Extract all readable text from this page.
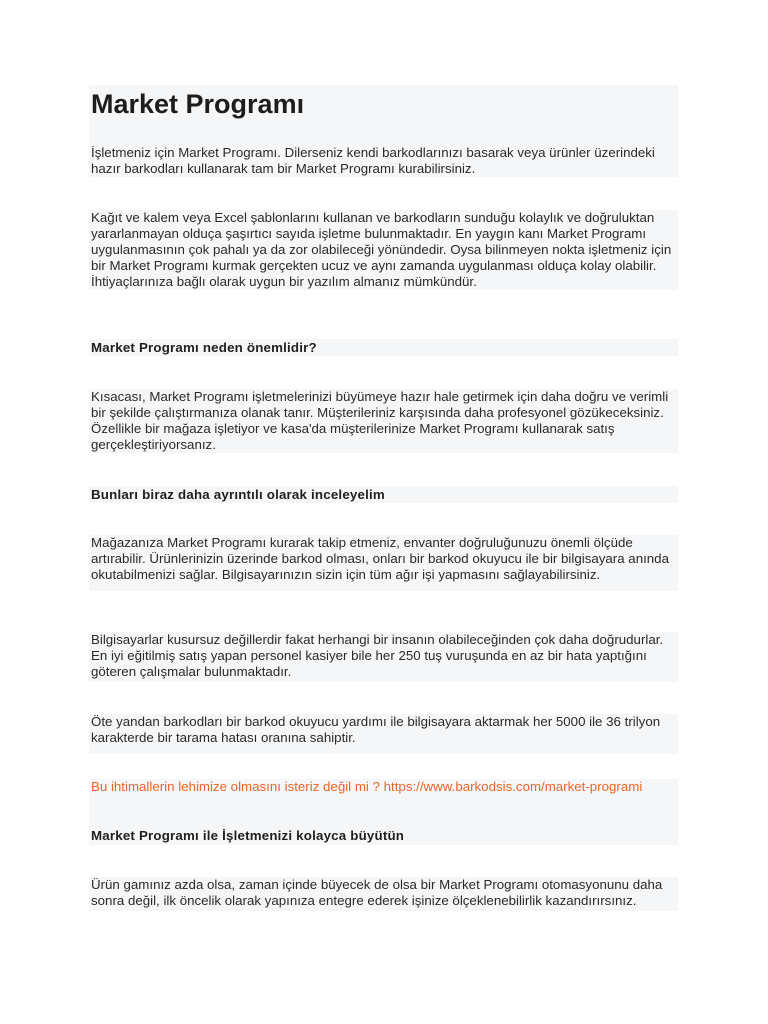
Market Programı

İşletmeniz için Market Programı. Dilerseniz kendi barkodlarınızı basarak veya ürünler üzerindeki hazır barkodları kullanarak tam bir Market Programı kurabilirsiniz.

Kağıt ve kalem veya Excel şablonlarını kullanan ve barkodların sunduğu kolaylık ve doğruluktan yararlanmayan olduça şaşırtıcı sayıda işletme bulunmaktadır. En yaygın kanı Market Programı uygulanmasının çok pahalı ya da zor olabileceği yönündedir. Oysa bilinmeyen nokta işletmeniz için bir Market Programı kurmak gerçekten ucuz ve aynı zamanda uygulanması olduça kolay olabilir. İhtiyaçlarınıza bağlı olarak uygun bir yazılım almanız mümkündür.

Market Programı neden önemlidir?

Kısacası, Market Programı işletmelerinizi büyümeye hazır hale getirmek için daha doğru ve verimli bir şekilde çalıştırmanıza olanak tanır. Müşterileriniz karşısında daha profesyonel gözükeceksiniz. Özellikle bir mağaza işletiyor ve kasa'da müşterilerinize Market Programı kullanarak satış gerçekleştiriyorsanız.

Bunları biraz daha ayrıntılı olarak inceleyelim

Mağazanıza Market Programı kurarak takip etmeniz, envanter doğruluğunuzu önemli ölçüde artırabilir. Ürünlerinizin üzerinde barkod olması, onları bir barkod okuyucu ile bir bilgisayara anında okutabilmenizi sağlar. Bilgisayarınızın sizin için tüm ağır işi yapmasını sağlayabilirsiniz.

Bilgisayarlar kusursuz değillerdir fakat herhangi bir insanın olabileceğinden çok daha doğrudurlar. En iyi eğitilmiş satış yapan personel kasiyer bile her 250 tuş vuruşunda en az bir hata yaptığını göteren çalışmalar bulunmaktadır.

Öte yandan barkodları bir barkod okuyucu yardımı ile bilgisayara aktarmak her 5000 ile 36 trilyon karakterde bir tarama hatası oranına sahiptir.

Bu ihtimallerin lehimize olmasını isteriz değil mi ? https://www.barkodsis.com/market-programi

Market Programı ile İşletmenizi kolayca büyütün

Ürün gamınız azda olsa, zaman içinde büyecek de olsa bir Market Programı otomasyonunu daha sonra değil, ilk öncelik olarak yapınıza entegre ederek işinize ölçeklenebilirlik kazandırırsınız.
